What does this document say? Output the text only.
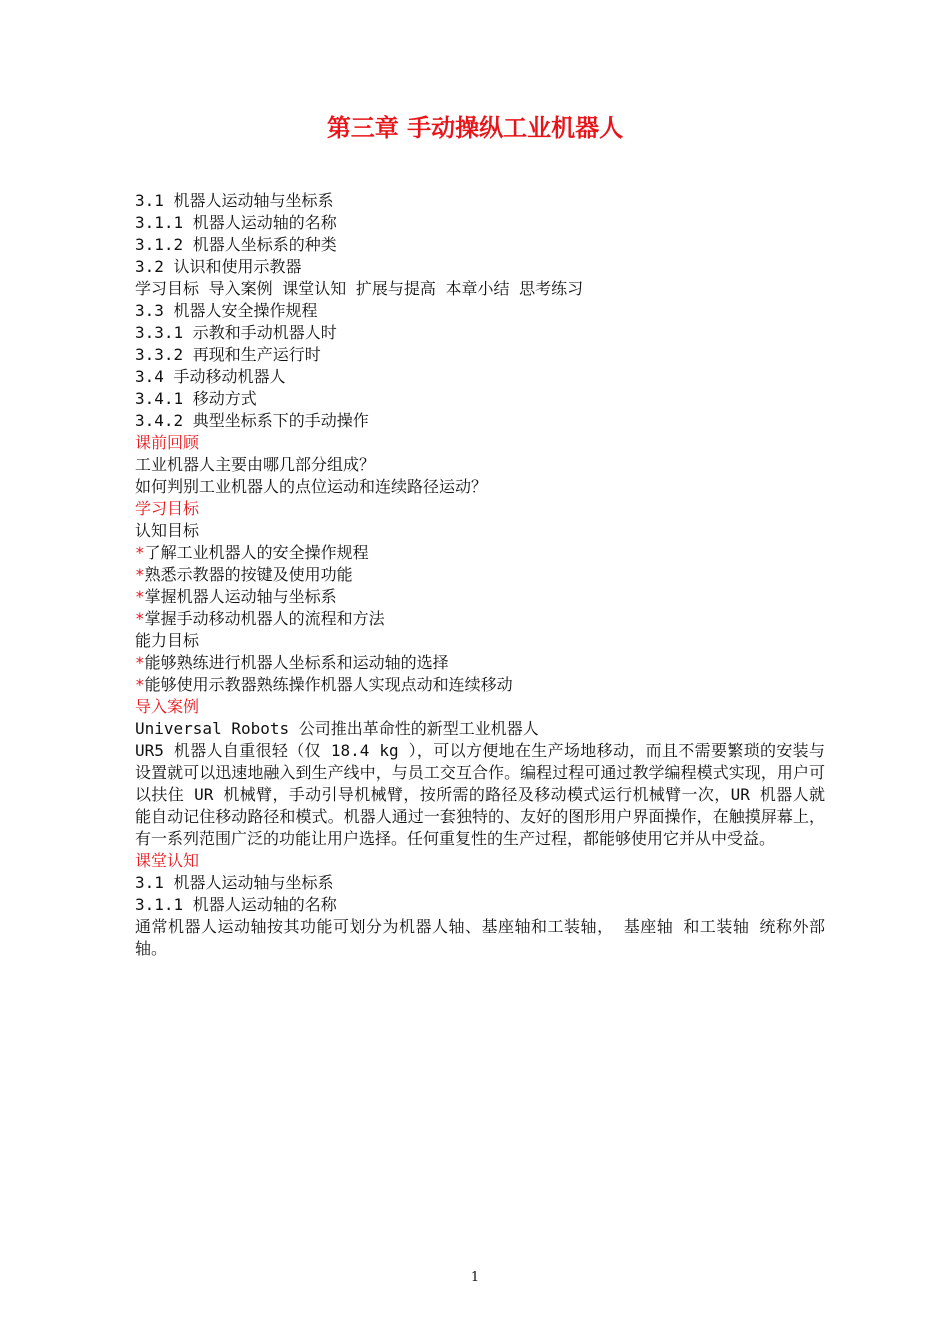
第三章 手动操纵工业机器人
3.1 机器人运动轴与坐标系
3.1.1 机器人运动轴的名称
3.1.2 机器人坐标系的种类
3.2 认识和使用示教器
学习目标 导入案例 课堂认知 扩展与提高 本章小结 思考练习
3.3 机器人安全操作规程
3.3.1 示教和手动机器人时
3.3.2 再现和生产运行时
3.4 手动移动机器人
3.4.1 移动方式
3.4.2 典型坐标系下的手动操作
课前回顾
工业机器人主要由哪几部分组成？
如何判别工业机器人的点位运动和连续路径运动？
学习目标
认知目标
*了解工业机器人的安全操作规程
*熟悉示教器的按键及使用功能
*掌握机器人运动轴与坐标系
*掌握手动移动机器人的流程和方法
能力目标
*能够熟练进行机器人坐标系和运动轴的选择
*能够使用示教器熟练操作机器人实现点动和连续移动
导入案例
Universal Robots 公司推出革命性的新型工业机器人
UR5 机器人自重很轻（仅 18.4 kg ），可以方便地在生产场地移动，而且不需要繁琐的安装与设置就可以迅速地融入到生产线中，与员工交互合作。编程过程可通过教学编程模式实现，用户可以扶住 UR 机械臂，手动引导机械臂，按所需的路径及移动模式运行机械臂一次，UR 机器人就能自动记住移动路径和模式。机器人通过一套独特的、友好的图形用户界面操作，在触摸屏幕上，有一系列范围广泛的功能让用户选择。任何重复性的生产过程，都能够使用它并从中受益。
课堂认知
3.1 机器人运动轴与坐标系
3.1.1 机器人运动轴的名称
通常机器人运动轴按其功能可划分为机器人轴、基座轴和工装轴， 基座轴 和工装轴 统称外部轴。
1
